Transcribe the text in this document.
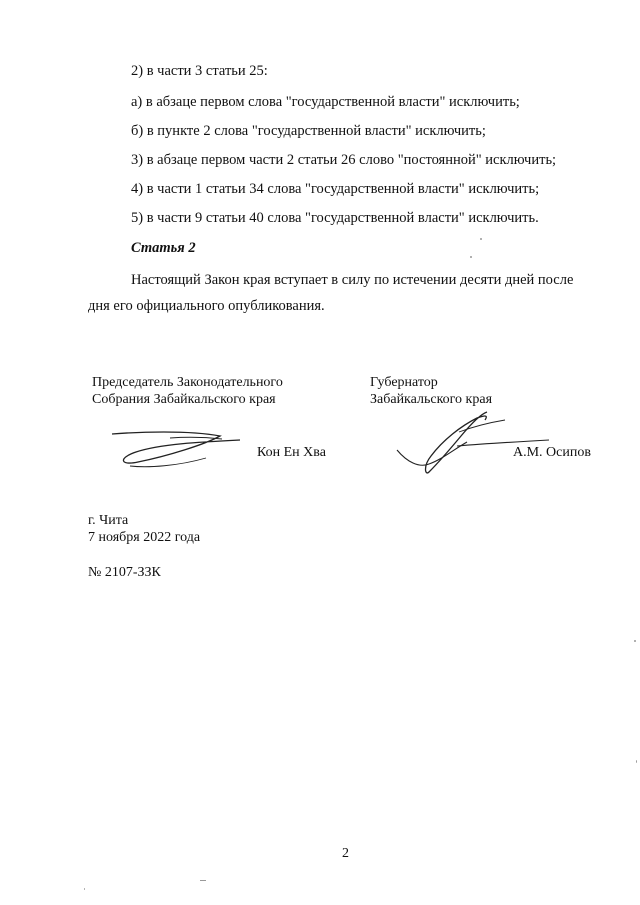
2) в части 3 статьи 25:
а) в абзаце первом слова "государственной власти" исключить;
б) в пункте 2 слова "государственной власти" исключить;
3) в абзаце первом части 2 статьи 26 слово "постоянной" исключить;
4) в части 1 статьи 34 слова "государственной власти" исключить;
5) в части 9 статьи 40 слова "государственной власти" исключить.
Статья 2
Настоящий Закон края вступает в силу по истечении десяти дней после
дня его официального опубликования.
Председатель Законодательного
Собрания Забайкальского края
Губернатор
Забайкальского края
Кон Ен Хва	А.М. Осипов
г. Чита
7 ноября 2022 года
№ 2107-ЗЗК
2
